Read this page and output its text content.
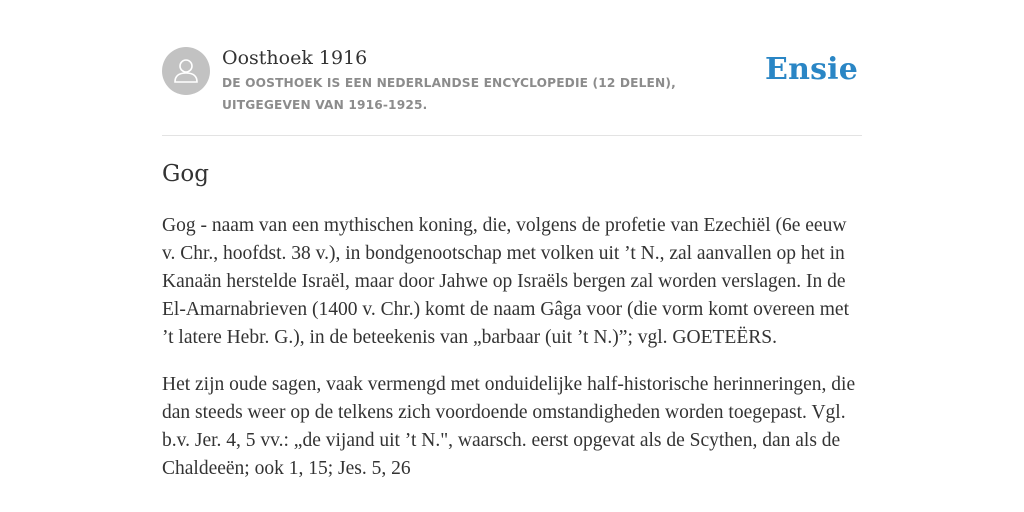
Oosthoek 1916
DE OOSTHOEK IS EEN NEDERLANDSE ENCYCLOPEDIE (12 DELEN), UITGEGEVEN VAN 1916-1925.
Ensie
Gog

Gog - naam van een mythischen koning, die, volgens de profetie van Ezechiël (6e eeuw v. Chr., hoofdst. 38 v.), in bondgenootschap met volken uit ’t N., zal aanvallen op het in Kanaän herstelde Israël, maar door Jahwe op Israëls bergen zal worden verslagen. In de El-Amarnabrieven (1400 v. Chr.) komt de naam Gâga voor (die vorm komt overeen met ’t latere Hebr. G.), in de beteekenis van „barbaar (uit ’t N.)”; vgl. GOETEËRS.

Het zijn oude sagen, vaak vermengd met onduidelijke half-historische herinneringen, die dan steeds weer op de telkens zich voordoende omstandigheden worden toegepast. Vgl. b.v. Jer. 4, 5 vv.: „de vijand uit ’t N.", waarsch. eerst opgevat als de Scythen, dan als de Chaldeeën; ook 1, 15; Jes. 5, 26
